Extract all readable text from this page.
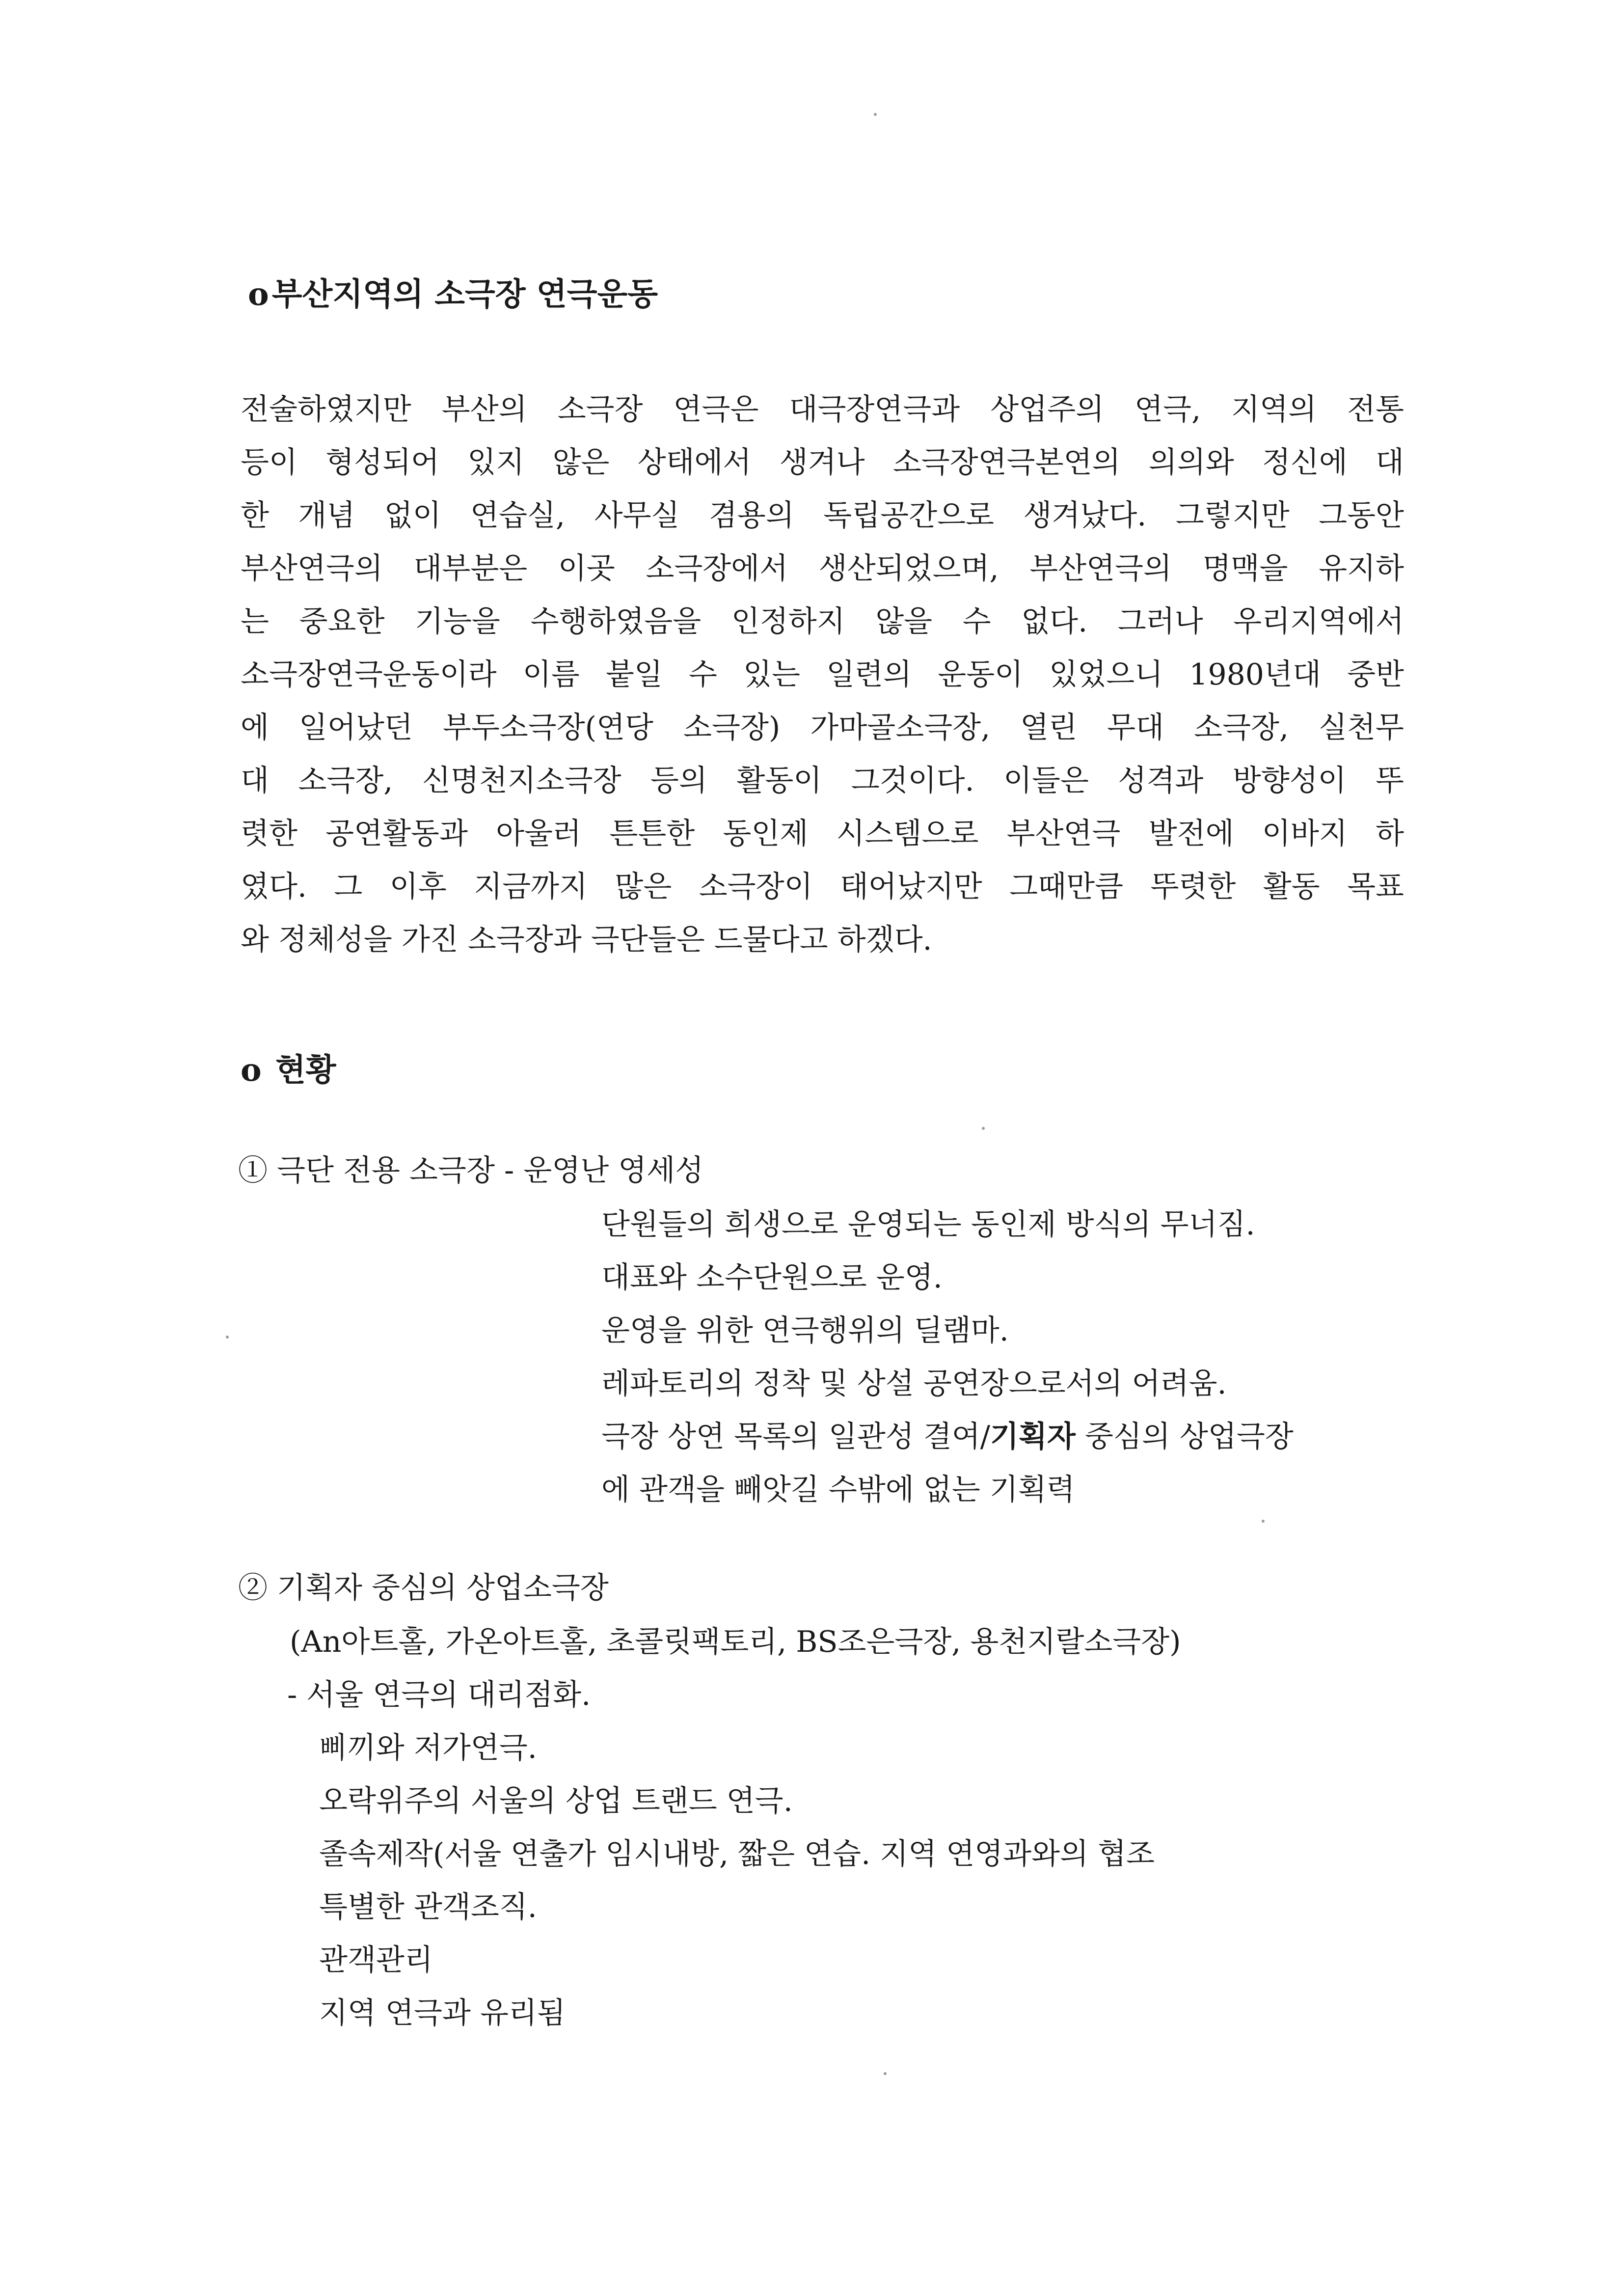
o부산지역의 소극장 연극운동
전술하였지만 부산의 소극장 연극은 대극장연극과 상업주의 연극, 지역의 전통
등이 형성되어 있지 않은 상태에서 생겨나 소극장연극본연의 의의와 정신에 대
한 개념 없이 연습실, 사무실 겸용의 독립공간으로 생겨났다. 그렇지만 그동안
부산연극의 대부분은 이곳 소극장에서 생산되었으며, 부산연극의 명맥을 유지하
는 중요한 기능을 수행하였음을 인정하지 않을 수 없다. 그러나 우리지역에서
소극장연극운동이라 이름 붙일 수 있는 일련의 운동이 있었으니 1980년대 중반
에 일어났던 부두소극장(연당 소극장) 가마골소극장, 열린 무대 소극장, 실천무
대 소극장, 신명천지소극장 등의 활동이 그것이다. 이들은 성격과 방향성이 뚜
렷한 공연활동과 아울러 튼튼한 동인제 시스템으로 부산연극 발전에 이바지 하
였다. 그 이후 지금까지 많은 소극장이 태어났지만 그때만큼 뚜렷한 활동 목표
와 정체성을 가진 소극장과 극단들은 드물다고 하겠다.
o 현황
① 극단 전용 소극장 - 운영난 영세성
단원들의 희생으로 운영되는 동인제 방식의 무너짐.
대표와 소수단원으로 운영.
운영을 위한 연극행위의 딜램마.
레파토리의 정착 및 상설 공연장으로서의 어려움.
극장 상연 목록의 일관성 결여/기획자 중심의 상업극장
에 관객을 빼앗길 수밖에 없는 기획력
② 기획자 중심의 상업소극장
(An아트홀, 가온아트홀, 초콜릿팩토리, BS조은극장, 용천지랄소극장)
- 서울 연극의 대리점화.
삐끼와 저가연극.
오락위주의 서울의 상업 트랜드 연극.
졸속제작(서울 연출가 임시내방, 짧은 연습. 지역 연영과와의 협조
특별한 관객조직.
관객관리
지역 연극과 유리됨
